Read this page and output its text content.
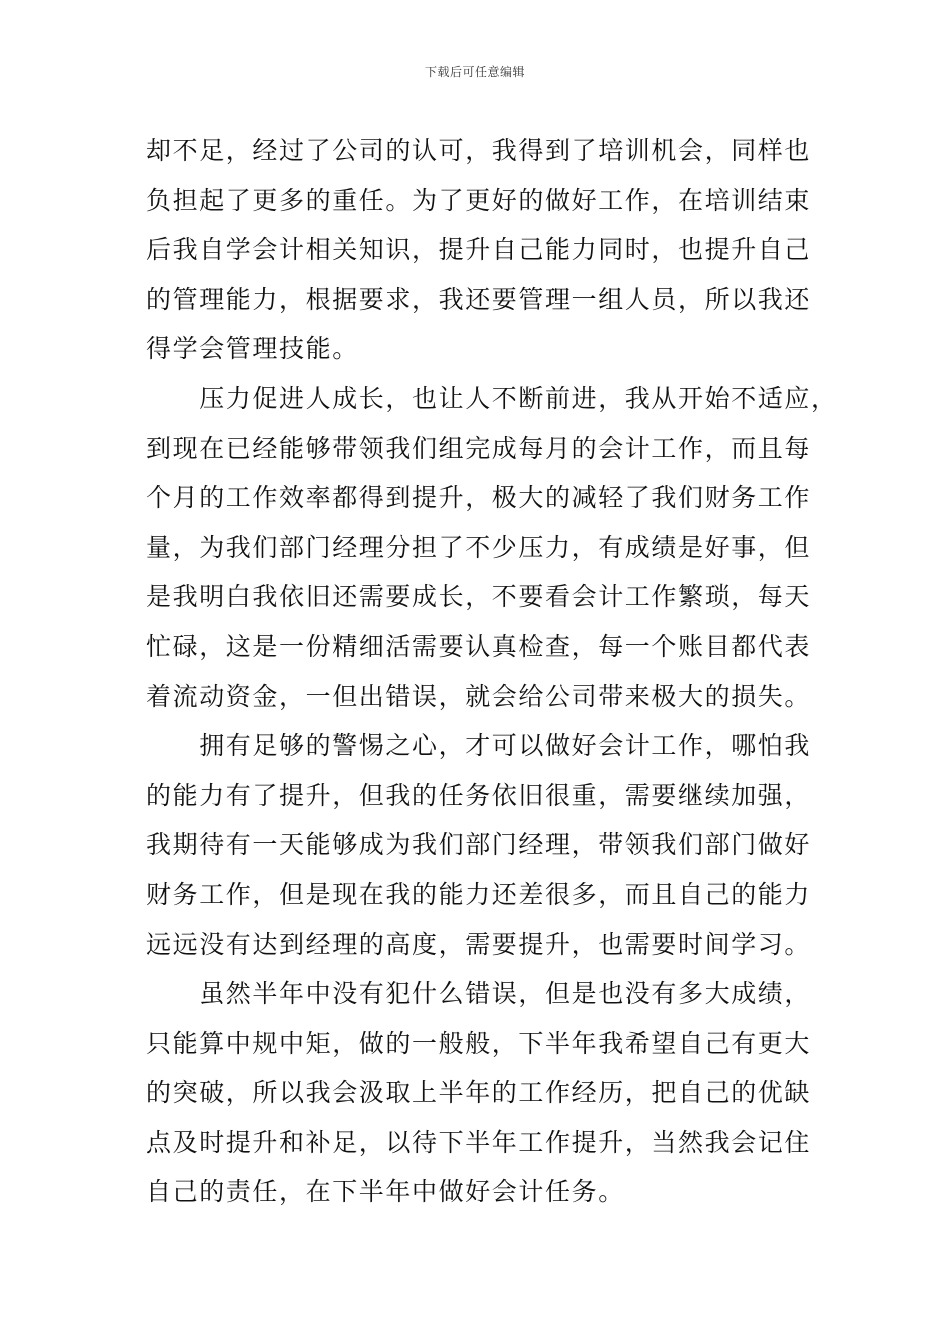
下载后可任意编辑
却不足，经过了公司的认可，我得到了培训机会，同样也
负担起了更多的重任。为了更好的做好工作，在培训结束
后我自学会计相关知识，提升自己能力同时，也提升自己
的管理能力，根据要求，我还要管理一组人员，所以我还
得学会管理技能。
　　压力促进人成长，也让人不断前进，我从开始不适应，
到现在已经能够带领我们组完成每月的会计工作，而且每
个月的工作效率都得到提升，极大的减轻了我们财务工作
量，为我们部门经理分担了不少压力，有成绩是好事，但
是我明白我依旧还需要成长，不要看会计工作繁琐，每天
忙碌，这是一份精细活需要认真检查，每一个账目都代表
着流动资金，一但出错误，就会给公司带来极大的损失。
　　拥有足够的警惕之心，才可以做好会计工作，哪怕我
的能力有了提升，但我的任务依旧很重，需要继续加强，
我期待有一天能够成为我们部门经理，带领我们部门做好
财务工作，但是现在我的能力还差很多，而且自己的能力
远远没有达到经理的高度，需要提升，也需要时间学习。
　　虽然半年中没有犯什么错误，但是也没有多大成绩，
只能算中规中矩，做的一般般，下半年我希望自己有更大
的突破，所以我会汲取上半年的工作经历，把自己的优缺
点及时提升和补足，以待下半年工作提升，当然我会记住
自己的责任，在下半年中做好会计任务。
